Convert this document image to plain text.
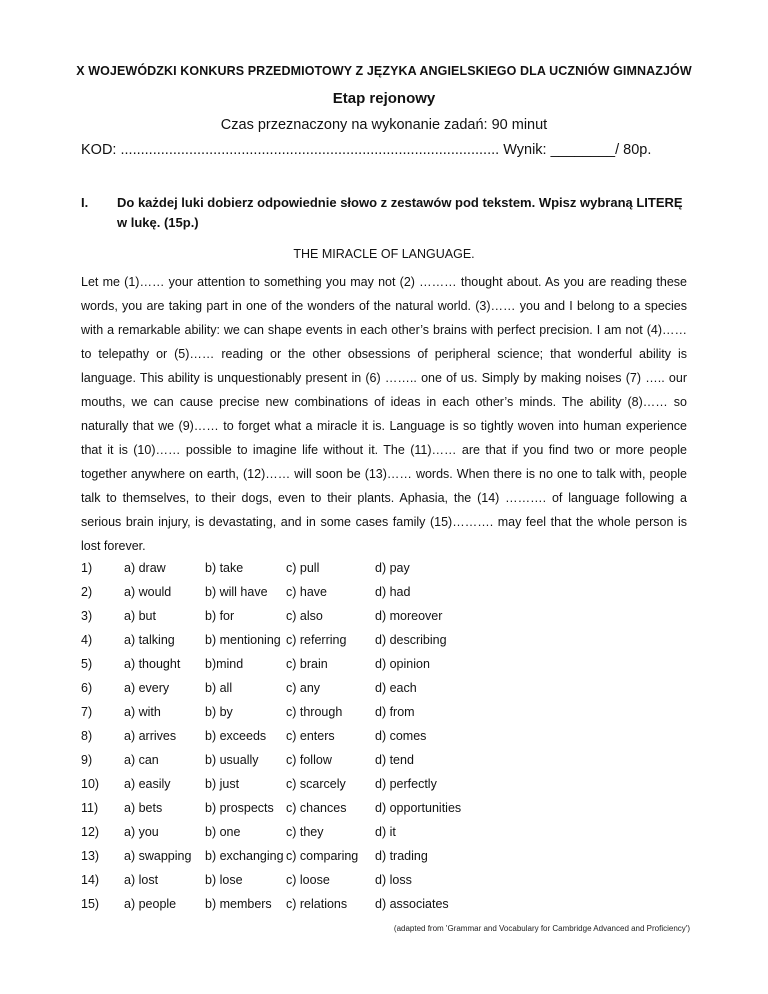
X WOJEWÓDZKI KONKURS PRZEDMIOTOWY Z JĘZYKA ANGIELSKIEGO DLA UCZNIÓW GIMNAZJÓW
Etap rejonowy
Czas przeznaczony na wykonanie zadań: 90 minut
KOD: .............................................................................................. Wynik: ________/ 80p.
I. Do każdej luki dobierz odpowiednie słowo z zestawów pod tekstem. Wpisz wybraną LITERĘ w lukę. (15p.)
THE MIRACLE OF LANGUAGE.
Let me (1)…… your attention to something you may not (2) ……… thought about. As you are reading these words, you are taking part in one of the wonders of the natural world. (3)…… you and I belong to a species with a remarkable ability: we can shape events in each other’s brains with perfect precision. I am not (4)…… to telepathy or (5)…… reading or the other obsessions of peripheral science; that wonderful ability is language. This ability is unquestionably present in (6) …….. one of us. Simply by making noises (7) ….. our mouths, we can cause precise new combinations of ideas in each other’s minds. The ability (8)…… so naturally that we (9)…… to forget what a miracle it is. Language is so tightly woven into human experience that it is (10)…… possible to imagine life without it. The (11)…… are that if you find two or more people together anywhere on earth, (12)…… will soon be (13)…… words. When there is no one to talk with, people talk to themselves, to their dogs, even to their plants. Aphasia, the (14) ………. of language following a serious brain injury, is devastating, and in some cases family (15)………. may feel that the whole person is lost forever.
1)	a) draw	b) take	c) pull	d) pay
2)	a) would	b) will have c) have	d) had
3)	a) but	b) for	c) also	d) moreover
4)	a) talking b) mentioning c) referring d) describing
5)	a) thought b)mind	c) brain	d) opinion
6)	a) every	b) all	c) any	d) each
7)	a) with	b) by	c) through	d) from
8)	a) arrives b) exceeds c) enters	d) comes
9)	a) can	b) usually c) follow	d) tend
10) a) easily	b) just	c) scarcely d) perfectly
11) a) bets	b) prospects c) chances d) opportunities
12) a) you	b) one	c) they	d) it
13) a) swapping b) exchanging c) comparing d) trading
14) a) lost	b) lose	c) loose	d) loss
15) a) people b) members c) relations d) associates
(adapted from 'Grammar and Vocabulary for Cambridge Advanced and Proficiency')
